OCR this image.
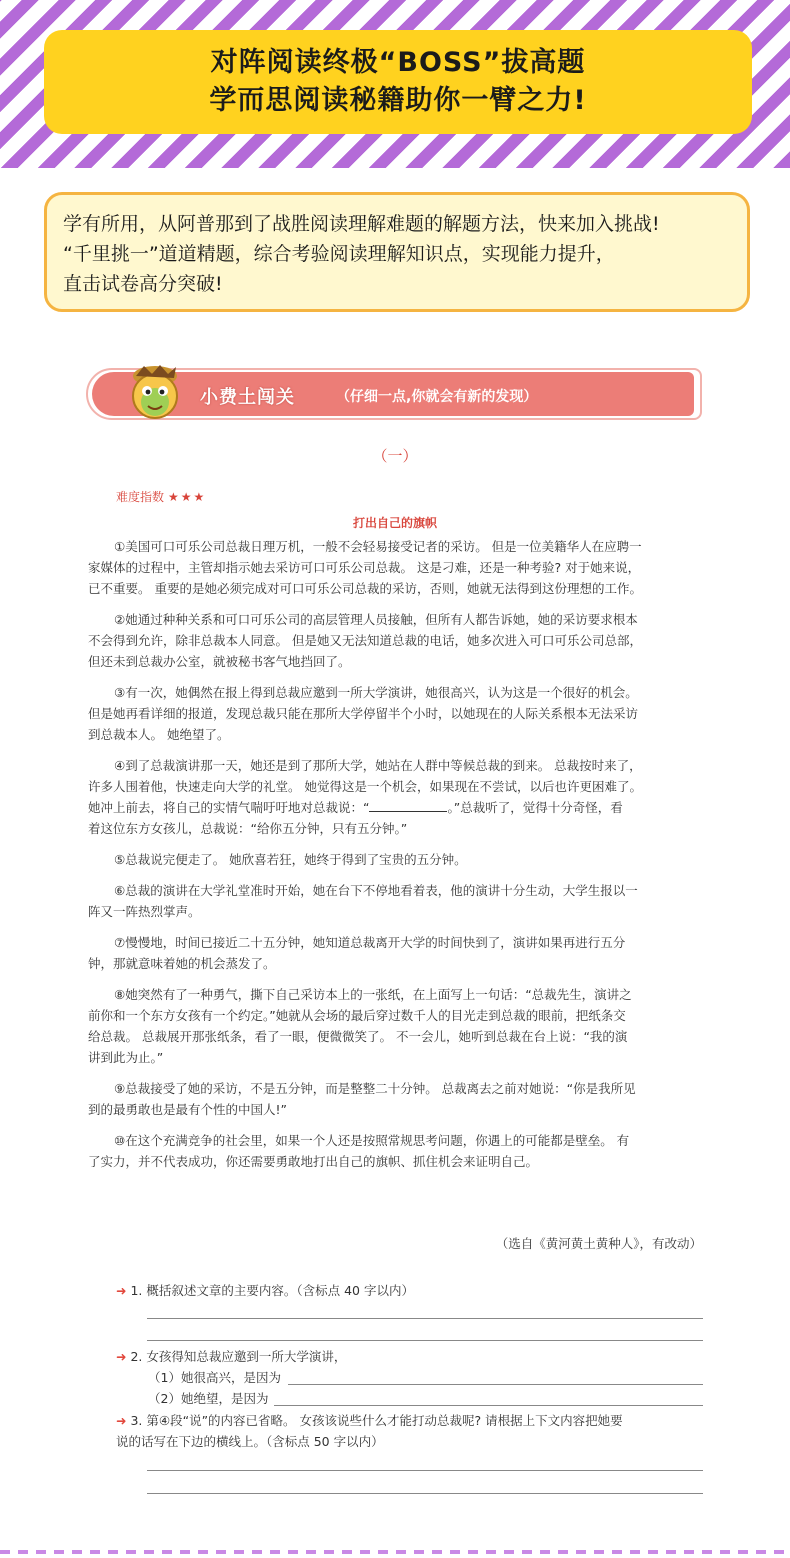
对阵阅读终极“BOSS”拔高题
学而思阅读秘籍助你一臂之力!
学有所用，从阿普那到了战胜阅读理解难题的解题方法，快来加入挑战!
“千里挑一”道道精题，综合考验阅读理解知识点，实现能力提升，
直击试卷高分突破!
小费土闯关	（仔细一点,你就会有新的发现）
（一）
难度指数 ★★★
打出自己的旗帜
①美国可口可乐公司总裁日理万机，一般不会轻易接受记者的采访。 但是一位美籍华人在应聘一
家媒体的过程中，主管却指示她去采访可口可乐公司总裁。 这是刁难，还是一种考验? 对于她来说，
已不重要。 重要的是她必须完成对可口可乐公司总裁的采访，否则，她就无法得到这份理想的工作。
②她通过种种关系和可口可乐公司的高层管理人员接触，但所有人都告诉她，她的采访要求根本
不会得到允许，除非总裁本人同意。 但是她又无法知道总裁的电话，她多次进入可口可乐公司总部，
但还未到总裁办公室，就被秘书客气地挡回了。
③有一次，她偶然在报上得到总裁应邀到一所大学演讲，她很高兴，认为这是一个很好的机会。
但是她再看详细的报道，发现总裁只能在那所大学停留半个小时，以她现在的人际关系根本无法采访
到总裁本人。 她绝望了。
④到了总裁演讲那一天，她还是到了那所大学，她站在人群中等候总裁的到来。 总裁按时来了，
许多人围着他，快速走向大学的礼堂。 她觉得这是一个机会，如果现在不尝试，以后也许更困难了。
她冲上前去，将自己的实情气喘吁吁地对总裁说：“	。”总裁听了，觉得十分奇怪，看
着这位东方女孩儿，总裁说：“给你五分钟，只有五分钟。”
⑤总裁说完便走了。 她欣喜若狂，她终于得到了宝贵的五分钟。
⑥总裁的演讲在大学礼堂准时开始，她在台下不停地看着表，他的演讲十分生动，大学生报以一
阵又一阵热烈掌声。
⑦慢慢地，时间已接近二十五分钟，她知道总裁离开大学的时间快到了，演讲如果再进行五分
钟，那就意味着她的机会蒸发了。
⑧她突然有了一种勇气，撕下自己采访本上的一张纸，在上面写上一句话：“总裁先生，演讲之
前你和一个东方女孩有一个约定。”她就从会场的最后穿过数千人的目光走到总裁的眼前，把纸条交
给总裁。 总裁展开那张纸条，看了一眼，便微微笑了。 不一会儿，她听到总裁在台上说：“我的演
讲到此为止。”
⑨总裁接受了她的采访，不是五分钟，而是整整二十分钟。 总裁离去之前对她说：“你是我所见
到的最勇敢也是最有个性的中国人!”
⑩在这个充满竞争的社会里，如果一个人还是按照常规思考问题，你遇上的可能都是壁垒。 有
了实力，并不代表成功，你还需要勇敢地打出自己的旗帜、抓住机会来证明自己。
（选自《黄河黄土黄种人》，有改动）
➜ 1. 概括叙述文章的主要内容。（含标点 40 字以内）
➜ 2. 女孩得知总裁应邀到一所大学演讲，
（1）她很高兴，是因为
（2）她绝望，是因为
➜ 3. 第④段“说”的内容已省略。 女孩该说些什么才能打动总裁呢? 请根据上下文内容把她要
说的话写在下边的横线上。（含标点 50 字以内）
